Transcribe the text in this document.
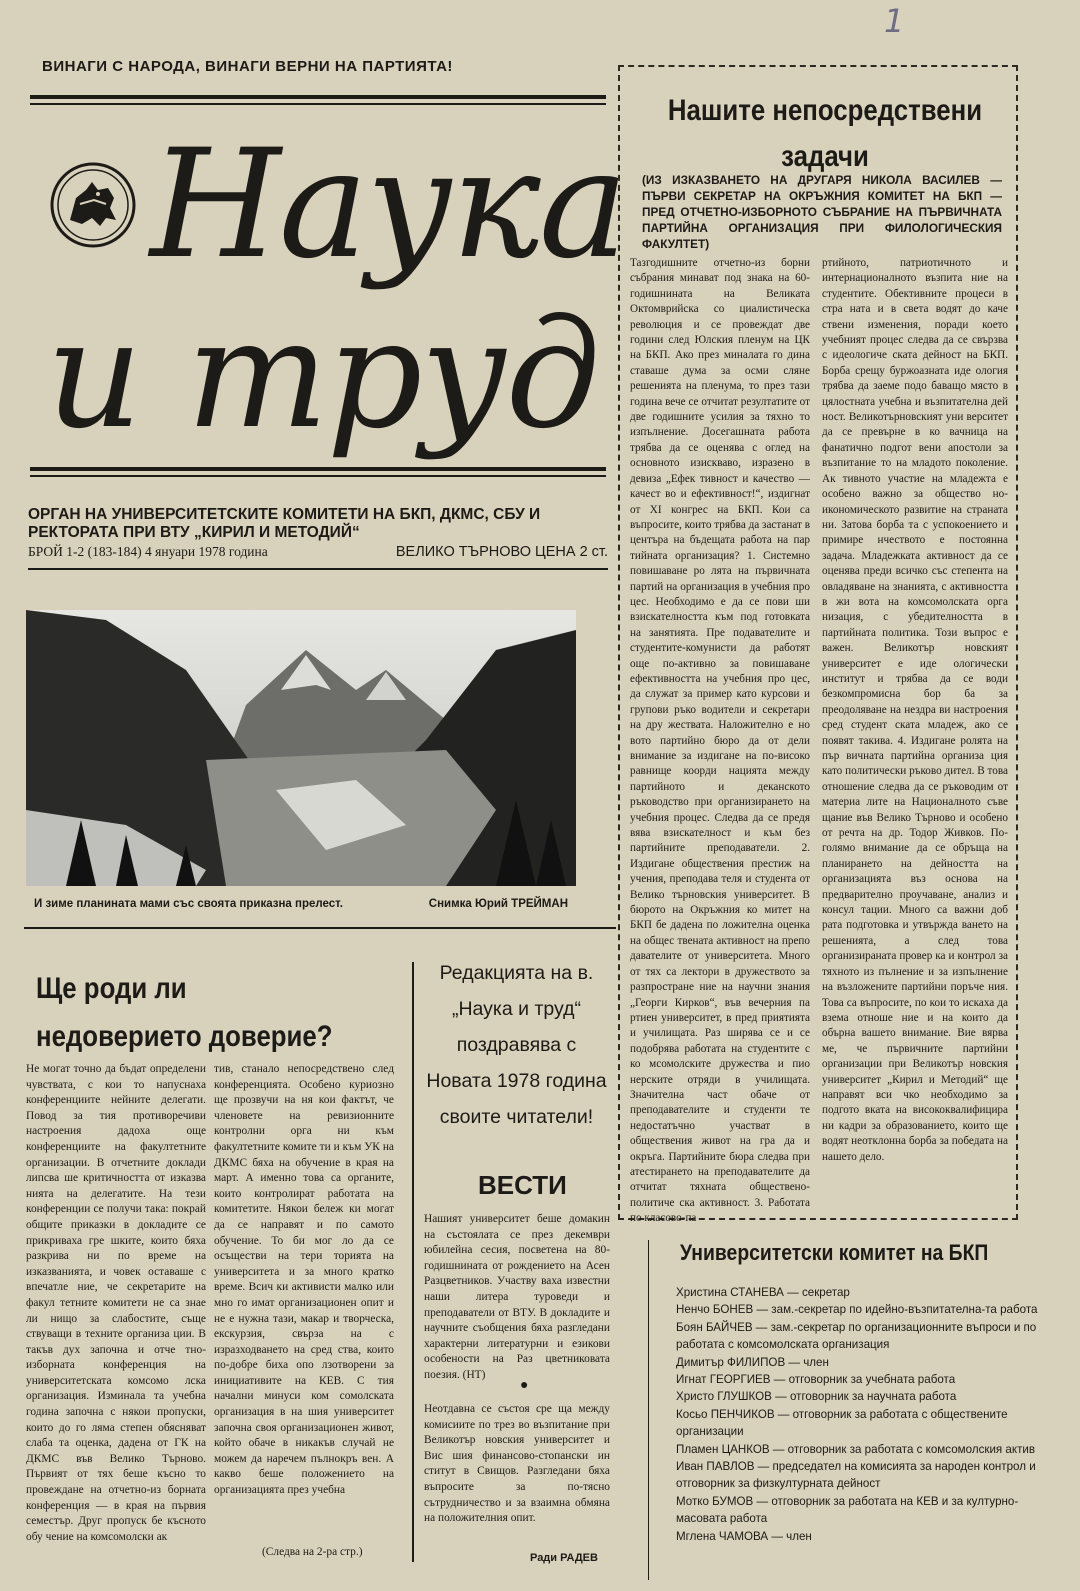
1
ВИНАГИ С НАРОДА, ВИНАГИ ВЕРНИ НА ПАРТИЯТА!
Наука
и труд
ОРГАН НА УНИВЕРСИТЕТСКИТЕ КОМИТЕТИ НА БКП, ДКМС, СБУ И РЕКТОРАТА ПРИ ВТУ „КИРИЛ И МЕТОДИЙ“
БРОЙ 1-2 (183-184) 4 януари 1978 година	ВЕЛИКО ТЪРНОВО ЦЕНА 2 ст.
И зиме планината мами със своята приказна прелест.	Снимка Юрий ТРЕЙМАН
Ще роди ли недоверието доверие?
Не могат точно да бъдат определени чувствата, с кои то напуснаха конференциите нейните делегати. Повод за тия противоречиви настроения дадоха още конференциите на факултетните организации. В отчетните доклади липсва ше критичността от изказва нията на делегатите. На тези конференции се получи така: покрай общите приказки в докладите се прикриваха гре шките, които бяха разкрива ни по време на изказванията, и човек оставаше с впечатле ние, че секретарите на факул тетните комитети не са знае ли нищо за слабостите, съще ствуващи в техните организа ции. В такъв дух започна и отче тно-изборната конференция на университетската комсомо лска организация. Изминала та учебна година започна с някои пропуски, които до го ляма степен обясняват слаба та оценка, дадена от ГК на ДКМС във Велико Търново. Първият от тях беше късно то провеждане на отчетно-из борната конференция — в края на първия семестър. Друг пропуск бе късното обу чение на комсомолски ак
тив, станало непосредствено след конференцията. Особено куриозно ще прозвучи на ня кои фактът, че членовете на ревизионните контролни орга ни към факултетните комите ти и към УК на ДКМС бяха на обучение в края на март. А именно това са органите, които контролират работата на комитетите. Някои бележ ки могат да се направят и по самото обучение. То би мог ло да се осъществи на тери торията на университета и за много кратко време. Всич ки активисти малко или мно го имат организационен опит и не е нужна тази, макар и творческа, екскурзия, свърза на с изразходването на сред ства, които по-добре биха опо лзотворени за инициативите на КЕВ. С тия начални минуси ком сомолската организация в на шия университет започна своя организационен живот, който обаче в никакъв случай не можем да наречем пълнокръ вен. А какво беше положението на организацията през учебна
(Следва на 2-ра стр.)
Редакцията на в. „Наука и труд“ поздравява с Новата 1978 година своите читатели!
ВЕСТИ
Нашият университет беше домакин на състоялата се през декември юбилейна сесия, посветена на 80-годишнината от рождението на Асен Разцветников. Участву ваха известни наши литера туроведи и преподаватели от ВТУ. В докладите и научните съобщения бяха разгледани характерни литературни и езикови особености на Раз цветниковата поезия. (НТ)
●
Неотдавна се състоя сре ща между комисиите по трез во възпитание при Великотър новския университет и Вис шия финансово-стопански ин ститут в Свищов. Разгледани бяха въпросите за по-тясно сътрудничество и за взаимна обмяна на положителния опит.
Ради РАДЕВ
Нашите непосредствени задачи
(ИЗ ИЗКАЗВАНЕТО НА ДРУГАРЯ НИКОЛА ВАСИЛЕВ — ПЪРВИ СЕКРЕТАР НА ОКРЪЖНИЯ КОМИТЕТ НА БКП — ПРЕД ОТЧЕТНО-ИЗБОРНОТО СЪБРАНИЕ НА ПЪРВИЧНАТА ПАРТИЙНА ОРГАНИЗАЦИЯ ПРИ ФИЛОЛОГИЧЕСКИЯ ФАКУЛТЕТ)
Тазгодишните отчетно-из борни събрания минават под знака на 60-годишнината на Великата Октомврийска со циалистическа революция и се провеждат две години след Юлския пленум на ЦК на БКП. Ако през миналата го дина ставаше дума за осми сляне решенията на пленума, то през тази година вече се отчитат резултатите от две годишните усилия за тяхно то изпълнение. Досегашната работа трябва да се оценява с оглед на основното изискваво, изразено в девиза „Ефек тивност и качество — качест во и ефективност!“, издигнат от XI конгрес на БКП. Кои са въпросите, които трябва да застанат в центъра на бъдещата работа на пар тийната организация? 1. Системно повишаване ро лята на първичната партий на организация в учебния про цес. Необходимо е да се пови ши взискателността към под готовката на занятията. Пре подавателите и студентите-комунисти да работят още по-активно за повишаване ефективността на учебния про цес, да служат за пример като курсови и групови ръко водители и секретари на дру жествата. Наложително е но вото партийно бюро да от дели внимание за издигане на по-високо равнище коорди нацията между партийното и деканското ръководство при организирането на учебния процес. Следва да се предя вява взискателност и към без партийните преподаватели. 2. Издигане обществения престиж на учения, преподава теля и студента от Велико търновския университет. В бюрото на Окръжния ко митет на БКП бе дадена по ложителна оценка на общес твената активност на препо давателите от университета. Много от тях са лектори в дружеството за разпростране ние на научни знания „Георги Кирков“, във вечерния па ртиен университет, в пред приятията и училищата. Раз ширява се и се подобрява работата на студентите с ко мсомолските дружества и пио нерските отряди в училищата. Значителна част обаче от преподавателите и студенти те недостатъчно участват в обществения живот на гра да и окръга. Партийните бюра следва при атестирането на преподавателите да отчитат тяхната обществено-политиче ска активност. 3. Работата по класово-па
ртийното, патриотичното и интернационалното възпита ние на студентите. Обективните процеси в стра ната и в света водят до каче ствени изменения, поради което учебният процес следва да се свързва с идеологиче ската дейност на БКП. Борба срещу буржоазната иде ология трябва да заеме подо баващо място в цялостната учебна и възпитателна дей ност. Великотърновският уни верситет да се превърне в ко вачница на фанатично подгот вени апостоли за възпитание то на младото поколение. Ак тивното участие на младежта е особено важно за общество но-икономическото развитие на страната ни. Затова борба та с успокоението и примире нчеството е постоянна задача. Младежката активност да се оценява преди всичко със степента на овладяване на знанията, с активността в жи вота на комсомолската орга низация, с убедителността в партийната политика. Този въпрос е важен. Великотър новският университет е иде ологически институт и трябва да се води безкомпромисна бор ба за преодоляване на нездра ви настроения сред студент ската младеж, ако се появят такива. 4. Издигане ролята на пър вичната партийна организа ция като политически ръково дител. В това отношение следва да се ръководим от материа лите на Националното съве щание във Велико Търново и особено от речта на др. Тодор Живков. По-голямо внимание да се обръща на планирането на дейността на организацията въз основа на предварително проучаване, анализ и консул тации. Много са важни доб рата подготовка и утвържда ването на решенията, а след това организираната провер ка и контрол за тяхното из пълнение и за изпълнение на възложените партийни поръче ния. Това са въпросите, по кои то искаха да взема отноше ние и на които да обърна вашето внимание. Вие вярва ме, че първичните партийни организации при Великотър новския университет „Кирил и Методий“ ще направят вси чко необходимо за подгото вката на висококвалифицира ни кадри за образованието, които ще водят неотклонна борба за победата на нашето дело.
Университетски комитет на БКП
Христина СТАНЕВА — секретар
Ненчо БОНЕВ — зам.-секретар по идейно-възпитателна-та работа
Боян БАЙЧЕВ — зам.-секретар по организационните въпроси и по работата с комсомолската организация
Димитър ФИЛИПОВ — член
Игнат ГЕОРГИЕВ — отговорник за учебната работа
Христо ГЛУШКОВ — отговорник за научната работа
Косьо ПЕНЧИКОВ — отговорник за работата с обществените организации
Пламен ЦАНКОВ — отговорник за работата с комсомолския актив
Иван ПАВЛОВ — председател на комисията за народен контрол и отговорник за физкултурната дейност
Мотко БУМОВ — отговорник за работата на КЕВ и за културно-масовата работа
Мглена ЧАМОВА — член
